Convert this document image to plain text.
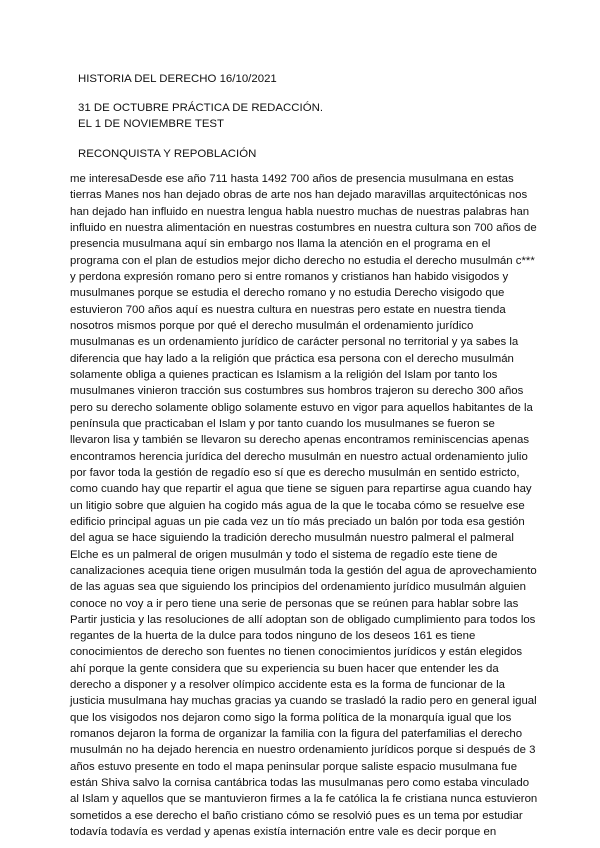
HISTORIA DEL DERECHO 16/10/2021
31 DE OCTUBRE PRÁCTICA DE REDACCIÓN.
EL 1 DE NOVIEMBRE TEST
RECONQUISTA Y REPOBLACIÓN
me interesaDesde ese año 711 hasta 1492 700 años de presencia musulmana en estas
tierras Manes nos han dejado obras de arte nos han dejado maravillas arquitectónicas nos
han dejado han influido en nuestra lengua habla nuestro muchas de nuestras palabras han
influido en nuestra alimentación en nuestras costumbres en nuestra cultura son 700 años de
presencia musulmana aquí sin embargo nos llama la atención en el programa en el
programa con el plan de estudios mejor dicho derecho no estudia el derecho musulmán c***
y perdona expresión romano pero si entre romanos y cristianos han habido visigodos y
musulmanes porque se estudia el derecho romano y no estudia Derecho visigodo que
estuvieron 700 años aquí es nuestra cultura en nuestras pero estate en nuestra tienda
nosotros mismos porque por qué el derecho musulmán el ordenamiento jurídico
musulmanas es un ordenamiento jurídico de carácter personal no territorial y ya sabes la
diferencia que hay lado a la religión que práctica esa persona con el derecho musulmán
solamente obliga a quienes practican es Islamism a la religión del Islam por tanto los
musulmanes vinieron tracción sus costumbres sus hombros trajeron su derecho 300 años
pero su derecho solamente obligo solamente estuvo en vigor para aquellos habitantes de la
península que practicaban el Islam y por tanto cuando los musulmanes se fueron se
llevaron lisa y también se llevaron su derecho apenas encontramos reminiscencias apenas
encontramos herencia jurídica del derecho musulmán en nuestro actual ordenamiento julio
por favor toda la gestión de regadío eso sí que es derecho musulmán en sentido estricto,
como cuando hay que repartir el agua que tiene se siguen para repartirse agua cuando hay
un litigio sobre que alguien ha cogido más agua de la que le tocaba cómo se resuelve ese
edificio principal aguas un pie cada vez un tío más preciado un balón por toda esa gestión
del agua se hace siguiendo la tradición derecho musulmán nuestro palmeral el palmeral
Elche es un palmeral de origen musulmán y todo el sistema de regadío este tiene de
canalizaciones acequia tiene origen musulmán toda la gestión del agua de aprovechamiento
de las aguas sea que siguiendo los principios del ordenamiento jurídico musulmán alguien
conoce no voy a ir pero tiene una serie de personas que se reúnen para hablar sobre las
Partir justicia y las resoluciones de allí adoptan son de obligado cumplimiento para todos los
regantes de la huerta de la dulce para todos ninguno de los deseos 161 es tiene
conocimientos de derecho son fuentes no tienen conocimientos jurídicos y están elegidos
ahí porque la gente considera que su experiencia su buen hacer que entender les da
derecho a disponer y a resolver olímpico accidente esta es la forma de funcionar de la
justicia musulmana hay muchas gracias ya cuando se trasladó la radio pero en general igual
que los visigodos nos dejaron como sigo la forma política de la monarquía igual que los
romanos dejaron la forma de organizar la familia con la figura del paterfamilias el derecho
musulmán no ha dejado herencia en nuestro ordenamiento jurídicos porque si después de 3
años estuvo presente en todo el mapa peninsular porque saliste espacio musulmana fue
están Shiva salvo la cornisa cantábrica todas las musulmanas pero como estaba vinculado
al Islam y aquellos que se mantuvieron firmes a la fe católica la fe cristiana nunca estuvieron
sometidos a ese derecho el baño cristiano cómo se resolvió pues es un tema por estudiar
todavía todavía es verdad y apenas existía internación entre vale es decir porque en
